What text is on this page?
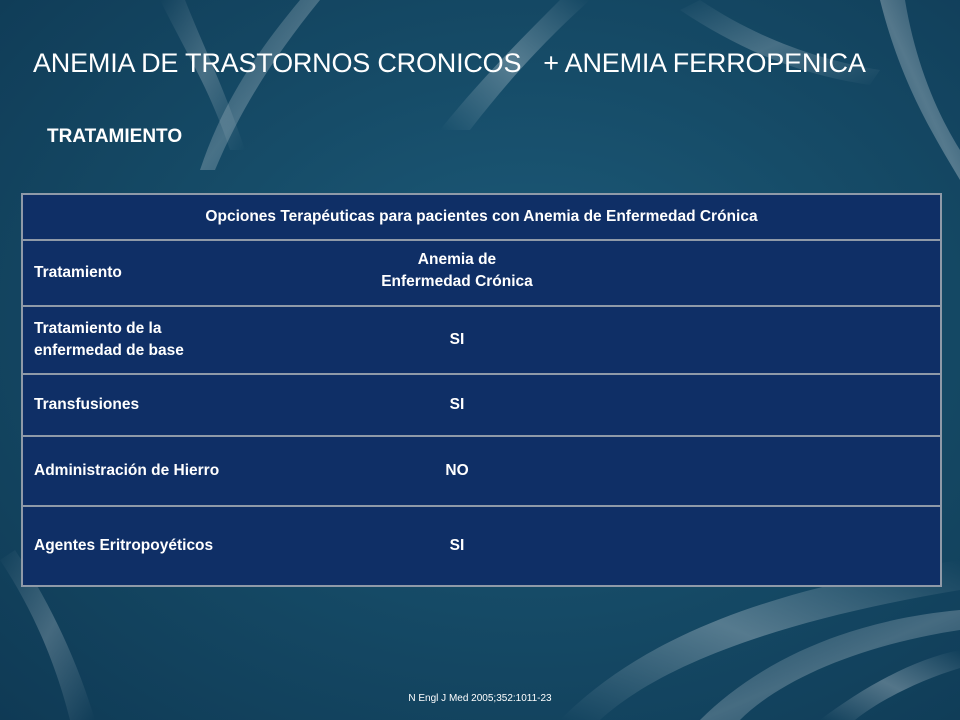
ANEMIA DE TRASTORNOS CRONICOS + ANEMIA FERROPENICA
TRATAMIENTO
Opciones Terapéuticas para pacientes con Anemia de Enfermedad Crónica		
Tratamiento	Anemia de Enfermedad Crónica	
Tratamiento de la enfermedad de base	SI	
Transfusiones	SI	
Administración de Hierro	NO	
Agentes Eritropoyéticos	SI	
N Engl J Med 2005;352:1011-23
